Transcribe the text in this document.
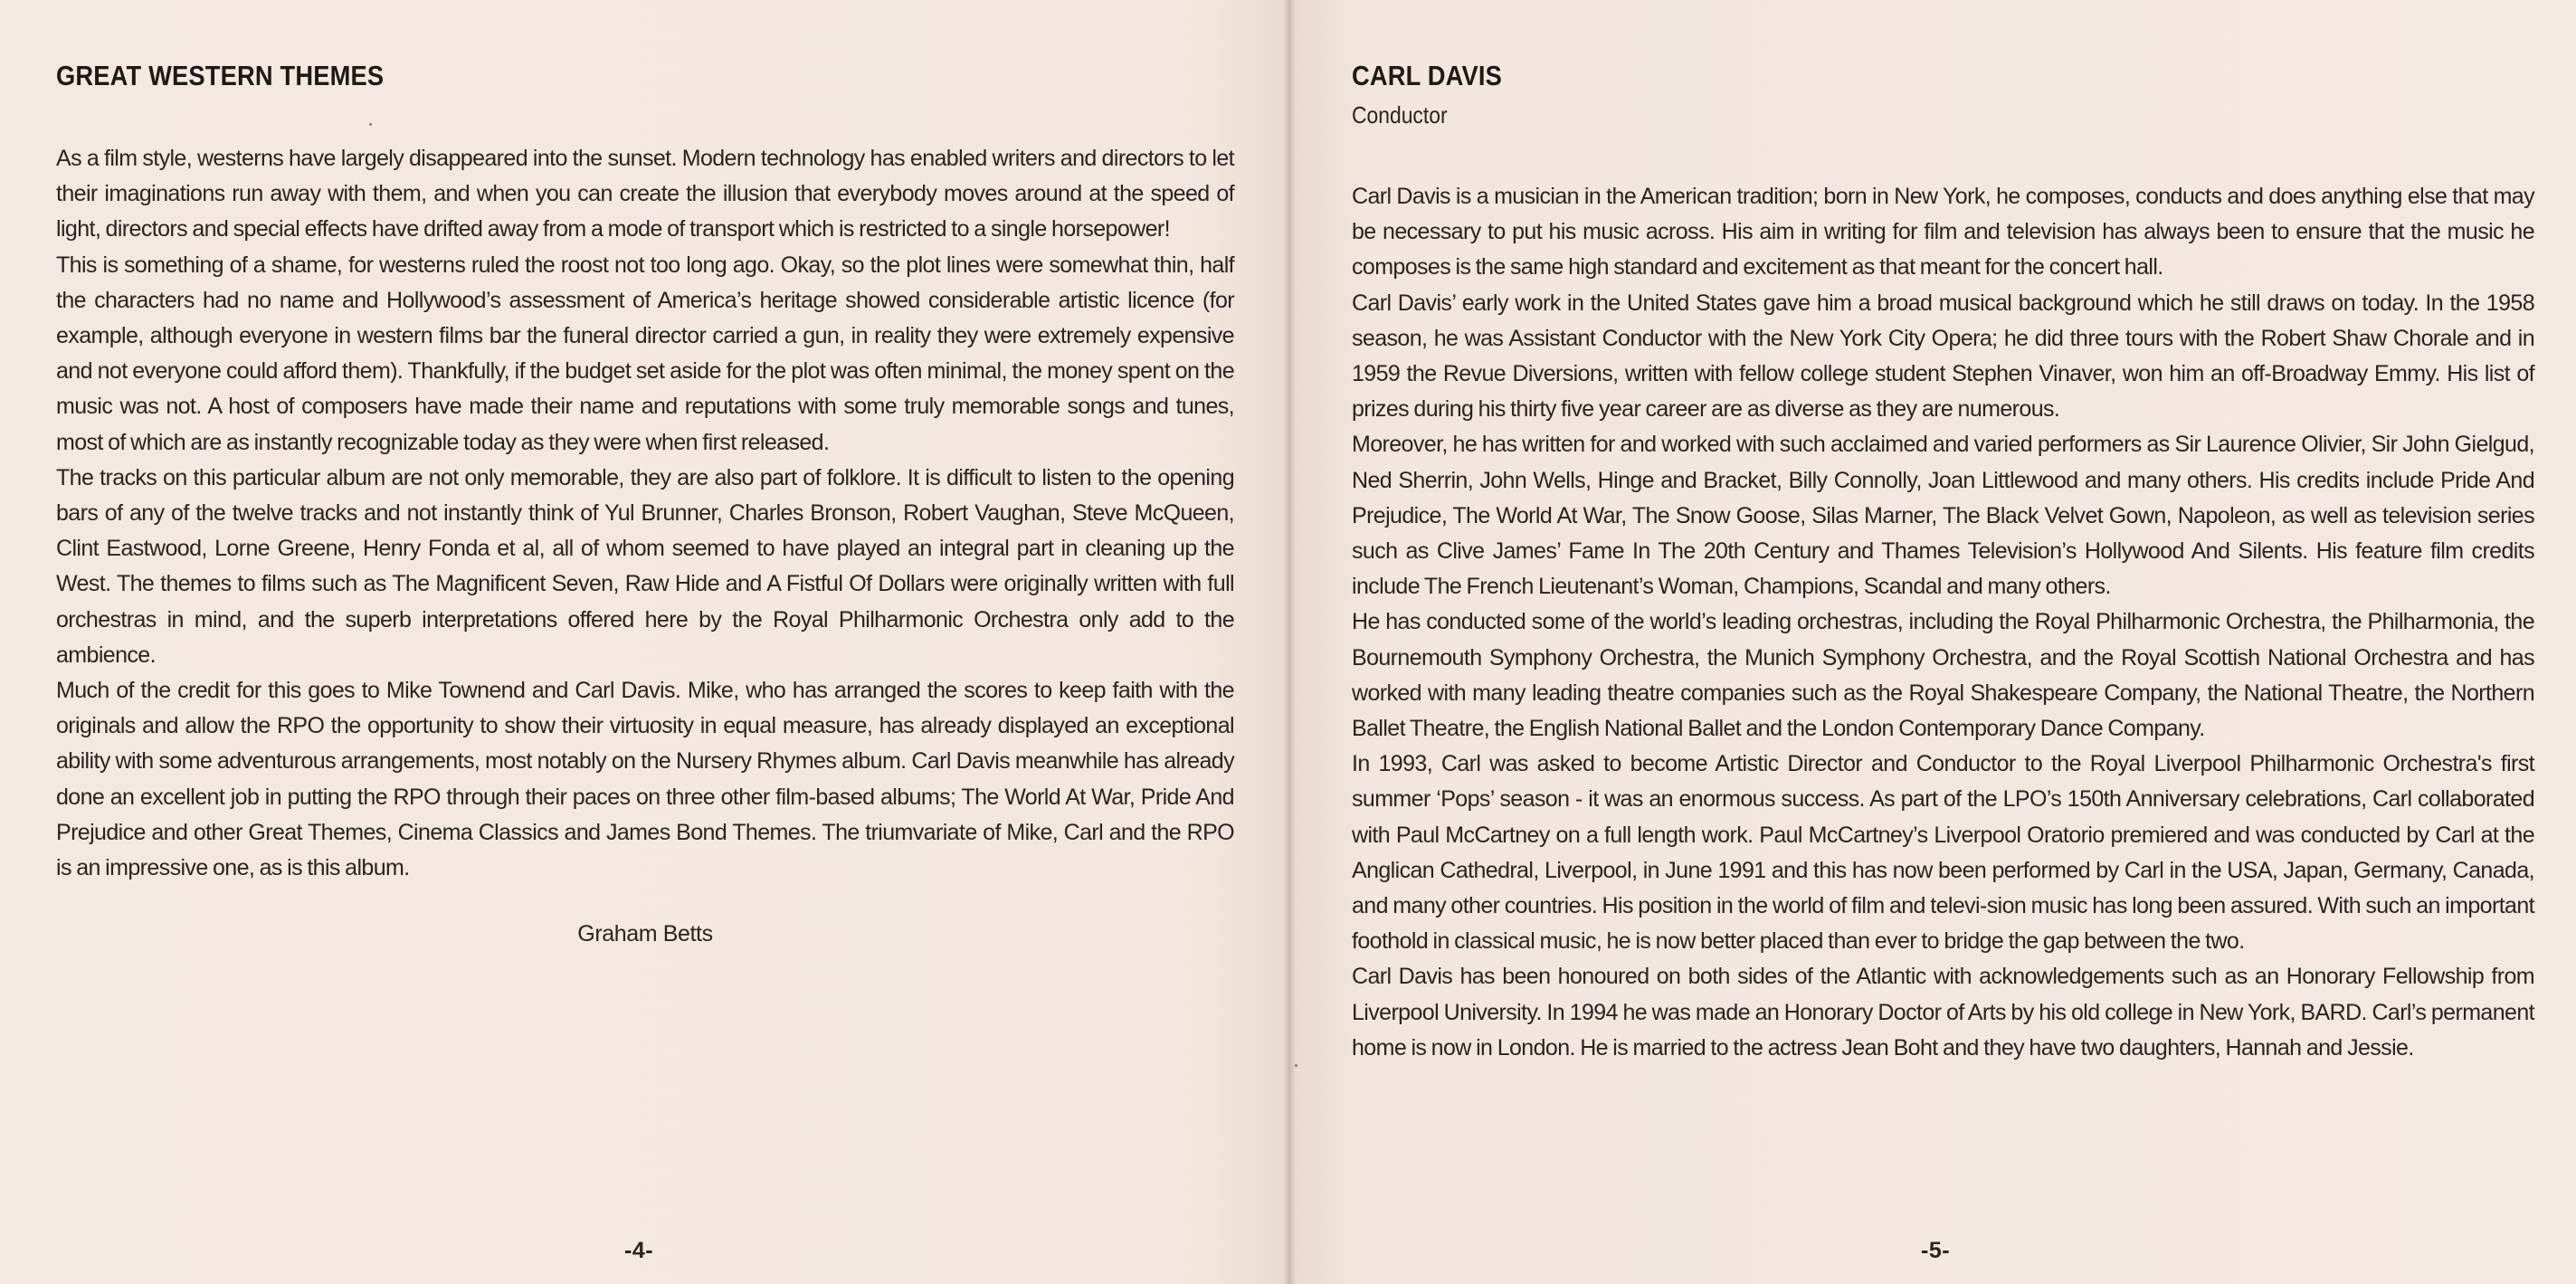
GREAT WESTERN THEMES

As a film style, westerns have largely disappeared into the sunset. Modern technology has enabled writers and directors to let their imaginations run away with them, and when you can create the illusion that everybody moves around at the speed of light, directors and special effects have drifted away from a mode of transport which is restricted to a single horsepower!

This is something of a shame, for westerns ruled the roost not too long ago. Okay, so the plot lines were somewhat thin, half the characters had no name and Hollywood’s assessment of America’s heritage showed considerable artistic licence (for example, although everyone in western films bar the funeral director carried a gun, in reality they were extremely expensive and not everyone could afford them). Thankfully, if the budget set aside for the plot was often minimal, the money spent on the music was not. A host of composers have made their name and reputations with some truly memorable songs and tunes, most of which are as instantly recognizable today as they were when first released.

The tracks on this particular album are not only memorable, they are also part of folklore. It is difficult to listen to the opening bars of any of the twelve tracks and not instantly think of Yul Brunner, Charles Bronson, Robert Vaughan, Steve McQueen, Clint Eastwood, Lorne Greene, Henry Fonda et al, all of whom seemed to have played an integral part in cleaning up the West. The themes to films such as The Magnificent Seven, Raw Hide and A Fistful Of Dollars were originally written with full orchestras in mind, and the superb interpretations offered here by the Royal Philharmonic Orchestra only add to the ambience.

Much of the credit for this goes to Mike Townend and Carl Davis. Mike, who has arranged the scores to keep faith with the originals and allow the RPO the opportunity to show their virtuosity in equal measure, has already displayed an exceptional ability with some adventurous arrangements, most notably on the Nursery Rhymes album. Carl Davis meanwhile has already done an excellent job in putting the RPO through their paces on three other film-based albums; The World At War, Pride And Prejudice and other Great Themes, Cinema Classics and James Bond Themes. The triumvariate of Mike, Carl and the RPO is an impressive one, as is this album.

Graham Betts
-4-
CARL DAVIS
Conductor

Carl Davis is a musician in the American tradition; born in New York, he composes, conducts and does anything else that may be necessary to put his music across. His aim in writing for film and television has always been to ensure that the music he composes is the same high standard and excitement as that meant for the concert hall.

Carl Davis’ early work in the United States gave him a broad musical background which he still draws on today. In the 1958 season, he was Assistant Conductor with the New York City Opera; he did three tours with the Robert Shaw Chorale and in 1959 the Revue Diversions, written with fellow college student Stephen Vinaver, won him an off-Broadway Emmy. His list of prizes during his thirty five year career are as diverse as they are numerous.

Moreover, he has written for and worked with such acclaimed and varied performers as Sir Laurence Olivier, Sir John Gielgud, Ned Sherrin, John Wells, Hinge and Bracket, Billy Connolly, Joan Littlewood and many others. His credits include Pride And Prejudice, The World At War, The Snow Goose, Silas Marner, The Black Velvet Gown, Napoleon, as well as television series such as Clive James’ Fame In The 20th Century and Thames Television’s Hollywood And Silents. His feature film credits include The French Lieutenant’s Woman, Champions, Scandal and many others.

He has conducted some of the world’s leading orchestras, including the Royal Philharmonic Orchestra, the Philharmonia, the Bournemouth Symphony Orchestra, the Munich Symphony Orchestra, and the Royal Scottish National Orchestra and has worked with many leading theatre companies such as the Royal Shakespeare Company, the National Theatre, the Northern Ballet Theatre, the English National Ballet and the London Contemporary Dance Company.

In 1993, Carl was asked to become Artistic Director and Conductor to the Royal Liverpool Philharmonic Orchestra's first summer ‘Pops’ season - it was an enormous success. As part of the LPO’s 150th Anniversary celebrations, Carl collaborated with Paul McCartney on a full length work. Paul McCartney’s Liverpool Oratorio premiered and was conducted by Carl at the Anglican Cathedral, Liverpool, in June 1991 and this has now been performed by Carl in the USA, Japan, Germany, Canada, and many other countries. His position in the world of film and televi-sion music has long been assured. With such an important foothold in classical music, he is now better placed than ever to bridge the gap between the two.

Carl Davis has been honoured on both sides of the Atlantic with acknowledgements such as an Honorary Fellowship from Liverpool University. In 1994 he was made an Honorary Doctor of Arts by his old college in New York, BARD. Carl’s permanent home is now in London. He is married to the actress Jean Boht and they have two daughters, Hannah and Jessie.

-5-
